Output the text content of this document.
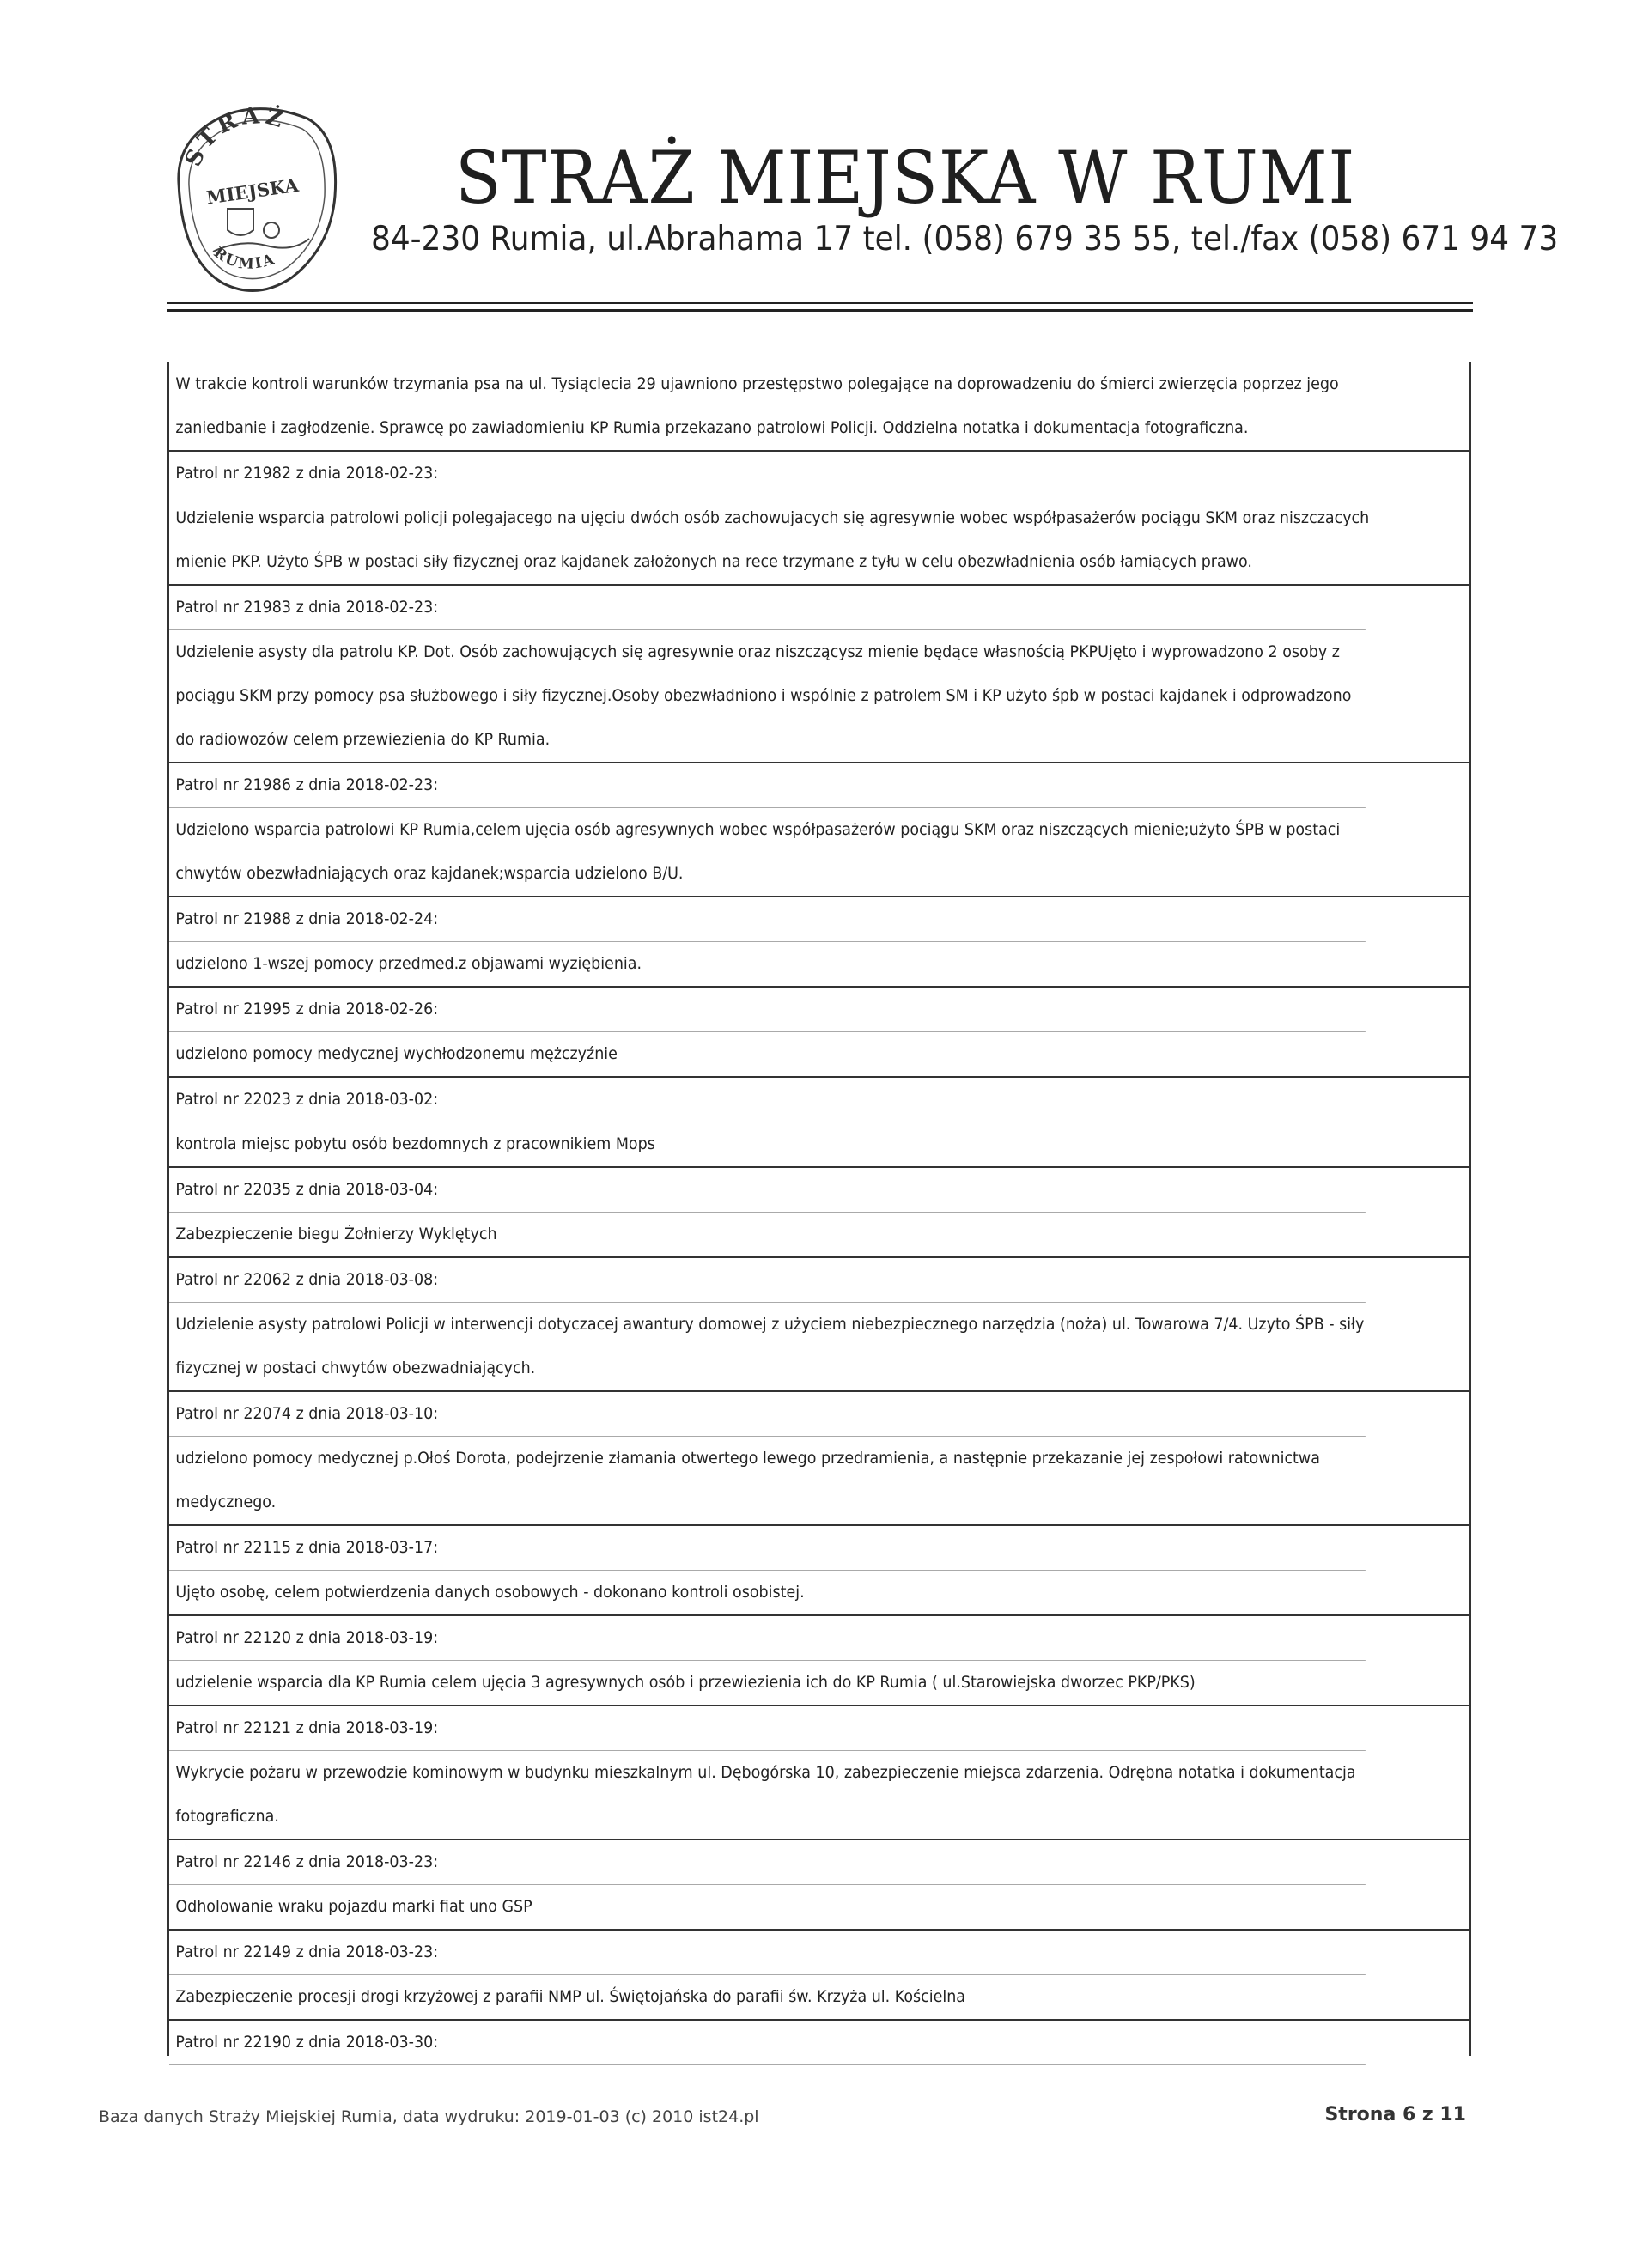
STRAŻ
MIEJSKA
RUMIA
STRAŻ MIEJSKA W RUMI
84-230 Rumia, ul.Abrahama 17 tel. (058) 679 35 55, tel./fax (058) 671 94 73
W trakcie kontroli warunków trzymania psa na ul. Tysiąclecia 29 ujawniono przestępstwo polegające na doprowadzeniu do śmierci zwierzęcia poprzez jego
zaniedbanie i zagłodzenie. Sprawcę po zawiadomieniu KP Rumia przekazano patrolowi Policji. Oddzielna notatka i dokumentacja fotograficzna.
Patrol nr 21982 z dnia 2018-02-23:
Udzielenie wsparcia patrolowi policji polegajacego na ujęciu dwóch osób zachowujacych się agresywnie wobec współpasażerów pociągu SKM oraz niszczacych
mienie PKP. Użyto ŚPB w postaci siły fizycznej oraz kajdanek założonych na rece trzymane z tyłu w celu obezwładnienia osób łamiących prawo.
Patrol nr 21983 z dnia 2018-02-23:
Udzielenie asysty dla patrolu KP. Dot. Osób zachowujących się agresywnie oraz niszczącysz mienie będące własnością PKPUjęto i wyprowadzono 2 osoby z
pociągu SKM przy pomocy psa służbowego i siły fizycznej.Osoby obezwładniono i wspólnie z patrolem SM i KP użyto śpb w postaci kajdanek i odprowadzono
do radiowozów celem przewiezienia do KP Rumia.
Patrol nr 21986 z dnia 2018-02-23:
Udzielono wsparcia patrolowi KP Rumia,celem ujęcia osób agresywnych wobec współpasażerów pociągu SKM oraz niszczących mienie;użyto ŚPB w postaci
chwytów obezwładniających oraz kajdanek;wsparcia udzielono B/U.
Patrol nr 21988 z dnia 2018-02-24:
udzielono 1-wszej pomocy przedmed.z objawami wyziębienia.
Patrol nr 21995 z dnia 2018-02-26:
udzielono pomocy medycznej wychłodzonemu mężczyźnie
Patrol nr 22023 z dnia 2018-03-02:
kontrola miejsc pobytu osób bezdomnych z pracownikiem Mops
Patrol nr 22035 z dnia 2018-03-04:
Zabezpieczenie biegu Żołnierzy Wyklętych
Patrol nr 22062 z dnia 2018-03-08:
Udzielenie asysty patrolowi Policji w interwencji dotyczacej awantury domowej z użyciem niebezpiecznego narzędzia (noża) ul. Towarowa 7/4. Uzyto ŚPB - siły
fizycznej w postaci chwytów obezwadniających.
Patrol nr 22074 z dnia 2018-03-10:
udzielono pomocy medycznej p.Ołoś Dorota, podejrzenie złamania otwertego lewego przedramienia, a następnie przekazanie jej zespołowi ratownictwa
medycznego.
Patrol nr 22115 z dnia 2018-03-17:
Ujęto osobę, celem potwierdzenia danych osobowych - dokonano kontroli osobistej.
Patrol nr 22120 z dnia 2018-03-19:
udzielenie wsparcia dla KP Rumia celem ujęcia 3 agresywnych osób i przewiezienia ich do KP Rumia ( ul.Starowiejska dworzec PKP/PKS)
Patrol nr 22121 z dnia 2018-03-19:
Wykrycie pożaru w przewodzie kominowym w budynku mieszkalnym ul. Dębogórska 10, zabezpieczenie miejsca zdarzenia. Odrębna notatka i dokumentacja
fotograficzna.
Patrol nr 22146 z dnia 2018-03-23:
Odholowanie wraku pojazdu marki fiat uno GSP
Patrol nr 22149 z dnia 2018-03-23:
Zabezpieczenie procesji drogi krzyżowej z parafii NMP ul. Świętojańska do parafii św. Krzyża ul. Kościelna
Patrol nr 22190 z dnia 2018-03-30:
Baza danych Straży Miejskiej Rumia, data wydruku: 2019-01-03 (c) 2010 ist24.pl	Strona 6 z 11
